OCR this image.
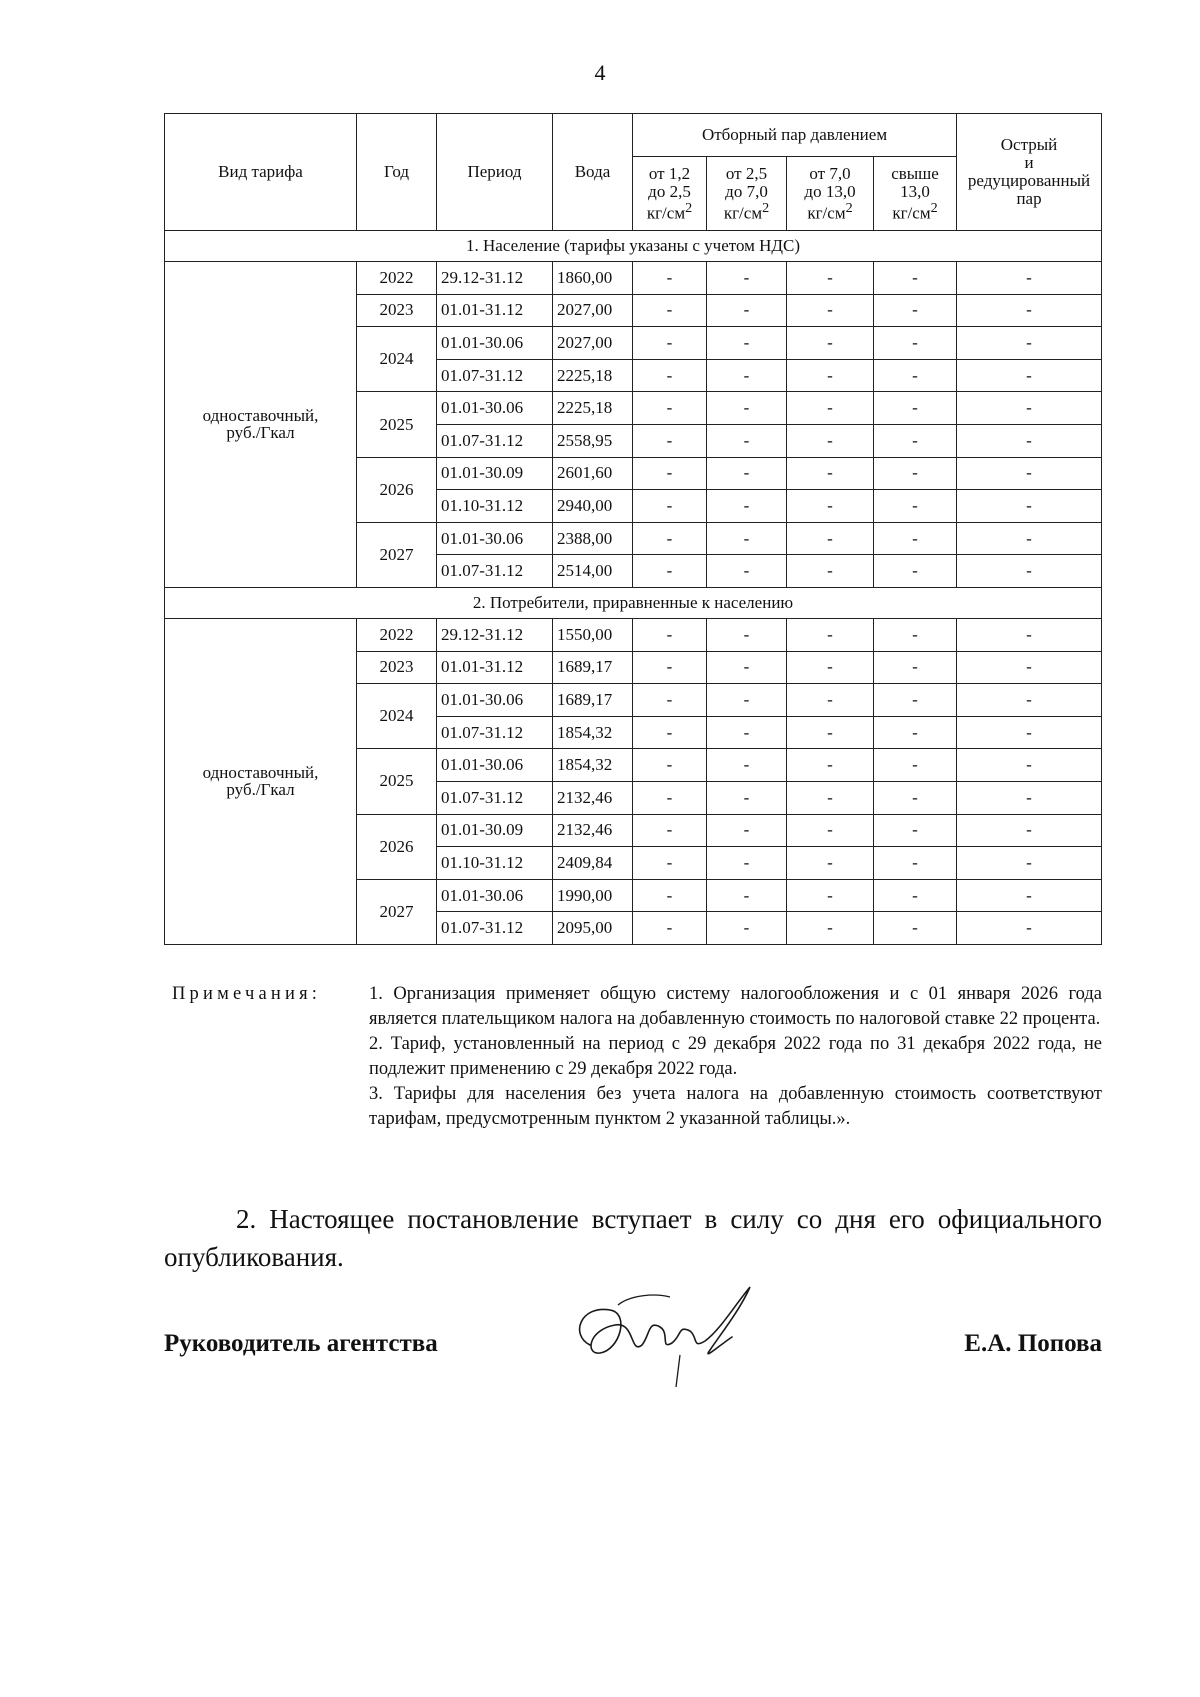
4
Вид тарифа	Год	Период	Вода	Отборный пар давлением				Острый
и
редуцированный
пар
				от 1,2
до 2,5
$кг/см^2$	от 2,5
до 7,0
$кг/см^2$	от 7,0
до 13,0
$кг/см^2$	свыше
13,0
$кг/см^2$
1. Население (тарифы указаны с учетом НДС)								
одноставочный,
руб./Гкал	2022	29.12-31.12	1860,00	-	-	-	-	-
	2023	01.01-31.12	2027,00	-	-	-	-	-
	2024	01.01-30.06	2027,00	-	-	-	-	-
		01.07-31.12	2225,18	-	-	-	-	-
	2025	01.01-30.06	2225,18	-	-	-	-	-
		01.07-31.12	2558,95	-	-	-	-	-
	2026	01.01-30.09	2601,60	-	-	-	-	-
		01.10-31.12	2940,00	-	-	-	-	-
	2027	01.01-30.06	2388,00	-	-	-	-	-
		01.07-31.12	2514,00	-	-	-	-	-
2. Потребители, приравненные к населению								
одноставочный,
руб./Гкал	2022	29.12-31.12	1550,00	-	-	-	-	-
	2023	01.01-31.12	1689,17	-	-	-	-	-
	2024	01.01-30.06	1689,17	-	-	-	-	-
		01.07-31.12	1854,32	-	-	-	-	-
	2025	01.01-30.06	1854,32	-	-	-	-	-
		01.07-31.12	2132,46	-	-	-	-	-
	2026	01.01-30.09	2132,46	-	-	-	-	-
		01.10-31.12	2409,84	-	-	-	-	-
	2027	01.01-30.06	1990,00	-	-	-	-	-
		01.07-31.12	2095,00	-	-	-	-	-
Примечания:	1. Организация применяет общую систему налогообложения и с 01 января 2026 года является плательщиком налога на добавленную стоимость по налоговой ставке 22 процента.

2. Тариф, установленный на период с 29 декабря 2022 года по 31 декабря 2022 года, не подлежит применению с 29 декабря 2022 года.

3. Тарифы для населения без учета налога на добавленную стоимость соответствуют тарифам, предусмотренным пунктом 2 указанной таблицы.».

2. Настоящее постановление вступает в силу со дня его официального опубликования.
Руководитель агентства	Е.А. Попова
